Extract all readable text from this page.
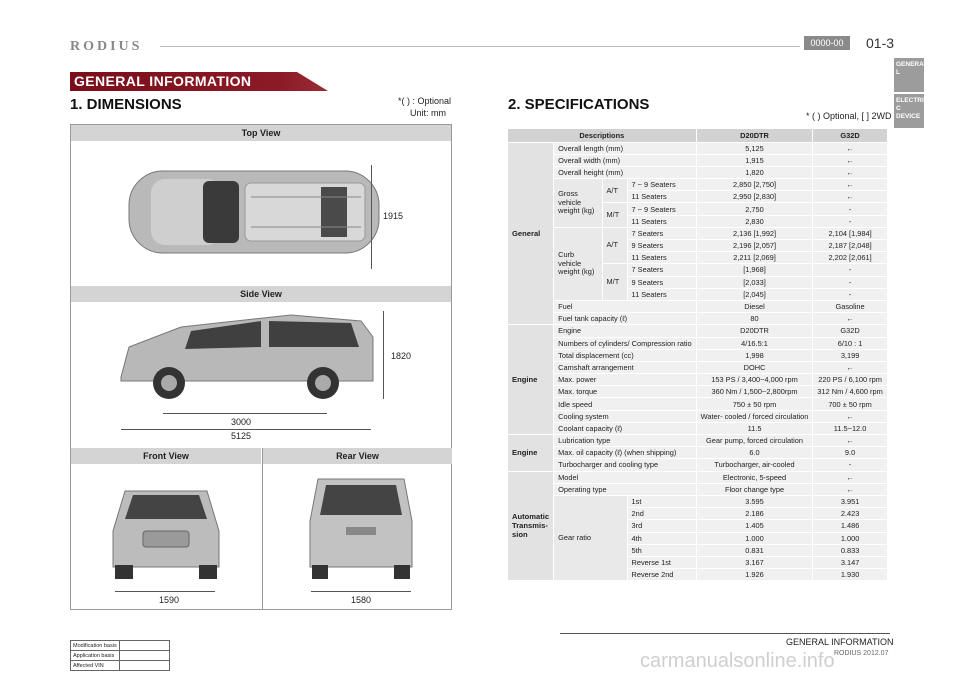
RODIUS	0000-00	01-3
GENERA L
ELECTRI C DEVICE
GENERAL INFORMATION
1. DIMENSIONS	*( ) : Optional
Unit: mm
Top View
1915
Side View
1820
3000
5125
Front View	Rear View
1590	1580
2. SPECIFICATIONS
* ( ) Optional, [ ] 2WD
Descriptions				D20DTR	G32D
General	Overall length (mm)			5,125	←
	Overall width (mm)			1,915	←
	Overall height (mm)			1,820	←
	Gross vehicle weight (kg)	A/T	7 ~ 9 Seaters	2,850 [2,750]	←
			11 Seaters	2,950 [2,830]	←
		M/T	7 ~ 9 Seaters	2,750	-
			11 Seaters	2,830	-
	Curb vehicle weight (kg)	A/T	7 Seaters	2,136 [1,992]	2,104 [1,984]
			9 Seaters	2,196 [2,057]	2,187 [2,048]
			11 Seaters	2,211 [2,069]	2,202 [2,061]
		M/T	7 Seaters	[1,968]	-
			9 Seaters	[2,033]	-
			11 Seaters	[2,045]	-
	Fuel			Diesel	Gasoline
	Fuel tank capacity (ℓ)			80	←
Engine	Engine			D20DTR	G32D
	Numbers of cylinders/ Compression ratio			4/16.5:1	6/10 : 1
	Total displacement (cc)			1,998	3,199
	Camshaft arrangement			DOHC	←
	Max. power			153 PS / 3,400~4,000 rpm	220 PS / 6,100 rpm
	Max. torque			360 Nm / 1,500~2,800rpm	312 Nm / 4,600 rpm
	Idle speed			750 ± 50 rpm	700 ± 50 rpm
	Cooling system			Water- cooled / forced circulation	←
	Coolant capacity (ℓ)			11.5	11.5~12.0
Engine	Lubrication type			Gear pump, forced circulation	←
	Max. oil capacity (ℓ) (when shipping)			6.0	9.0
	Turbocharger and cooling type			Turbocharger, air-cooled	-
Automatic Transmis- sion	Model			Electronic, 5-speed	←
	Operating type			Floor change type	←
	Gear ratio		1st	3.595	3.951
			2nd	2.186	2.423
			3rd	1.405	1.486
			4th	1.000	1.000
			5th	0.831	0.833
			Reverse 1st	3.167	3.147
			Reverse 2nd	1.926	1.930
Modification basis	
Application basis	
Affected VIN	
GENERAL INFORMATION
RODIUS 2012.07
carmanualsonline.info
